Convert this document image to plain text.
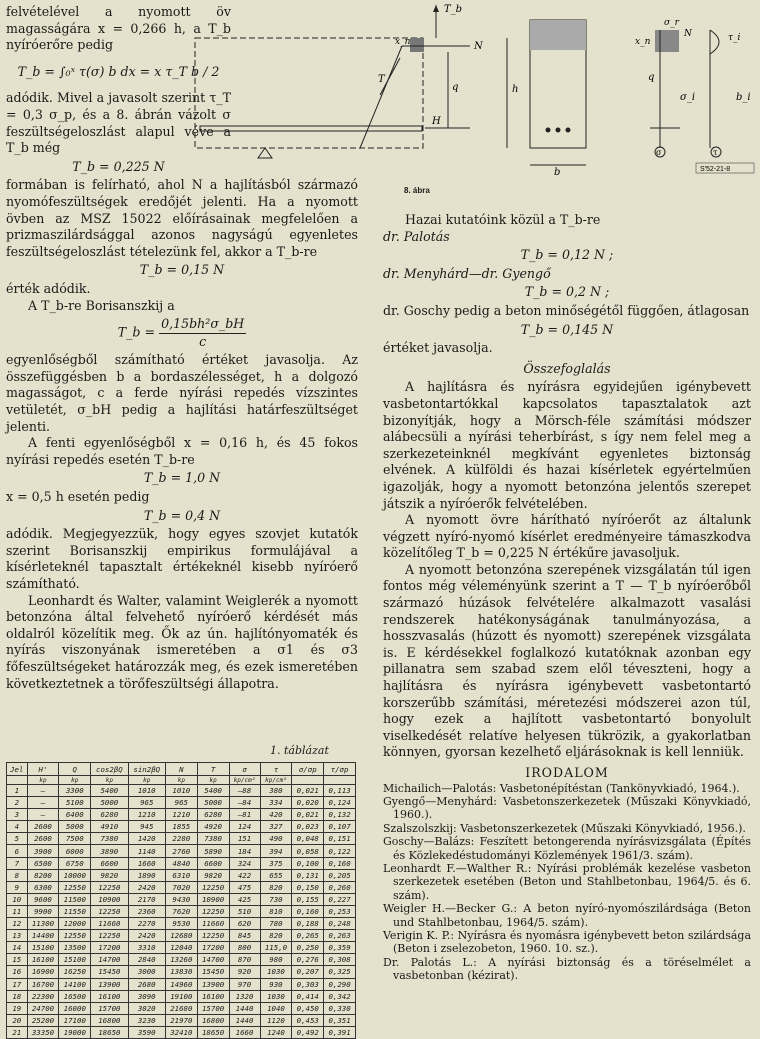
felvételével a nyomott öv magasságára x = 0,266 h, a T_b nyíróerőre pedig

T_b = ∫₀ˣ τ(σ) b dx = x τ_T b / 2

adódik. Mivel a javasolt szerint τ_T = 0,3 σ_p, és a 8. ábrán vázolt σ feszültségeloszlást alapul véve a T_b még

T_b = 0,225 N

formában is felírható, ahol N a hajlításból származó nyomófeszültségek eredőjét jelenti. Ha a nyomott övben az MSZ 15022 előírásainak megfelelően a prizmaszilárdsággal azonos nagyságú egyenletes feszültségeloszlást tételezünk fel, akkor a T_b-re

T_b = 0,15 N

érték adódik.

A T_b-re Borisanszkij a

T_b = $\frac{\text{0,15bh²σ\_bH}}{c}$

egyenlőségből számítható értéket javasolja. Az összefüggésben b a bordaszélességet, h a dolgozó magasságot, c a ferde nyírási repedés vízszintes vetületét, σ_bH pedig a hajlítási határfeszültséget jelenti.

A fenti egyenlőségből x = 0,16 h, és 45 fokos nyírási repedés esetén T_b-re

T_b = 1,0 N

x = 0,5 h esetén pedig

T_b = 0,4 N

adódik. Megjegyezzük, hogy egyes szovjet kutatók szerint Borisanszkij empirikus formulájával a kísérleteknél tapasztalt értékeknél kisebb nyíróerő számítható.

Leonhardt és Walter, valamint Weiglerék a nyomott betonzóna által felvehető nyíróerő kérdését más oldalról közelítik meg. Ők az ún. hajlítónyomaték és nyírás viszonyának ismeretében a σ1 és σ3 főfeszültségeket határozzák meg, és ezek ismeretében következtetnek a törőfeszültségi állapotra.

T_b
x_n	N
T
q	h
H
b
σ_r
x_n
N	τ_i
q
σ_i	b_i
σ	τ
S'52-21-8
8. ábra

Hazai kutatóink közül a T_b-re

dr. Palotás

T_b = 0,12 N ;

dr. Menyhárd—dr. Gyengő

T_b = 0,2 N ;

dr. Goschy pedig a beton minőségétől függően, átlagosan

T_b = 0,145 N

értéket javasolja.

Összefoglalás

A hajlításra és nyírásra egyidejűen igénybevett vasbetontartókkal kapcsolatos tapasztalatok azt bizonyítják, hogy a Mörsch-féle számítási módszer alábecsüli a nyírási teherbírást, s így nem felel meg a szerkezeteinknél megkívánt egyenletes biztonság elvének. A külföldi és hazai kísérletek egyértelműen igazolják, hogy a nyomott betonzóna jelentős szerepet játszik a nyíróerők felvételében.

A nyomott övre hárítható nyíróerőt az általunk végzett nyíró-nyomó kísérlet eredményeire támaszkodva közelítőleg T_b = 0,225 N értékűre javasoljuk.

A nyomott betonzóna szerepének vizsgálatán túl igen fontos még véleményünk szerint a T — T_b nyíróerőből származó húzások felvételére alkalmazott vasalási rendszerek hatékonyságának tanulmányozása, a hosszvasalás (húzott és nyomott) szerepének vizsgálata is. E kérdésekkel foglalkozó kutatóknak azonban egy pillanatra sem szabad szem elől téveszteni, hogy a hajlításra és nyírásra igénybevett vasbetontartó korszerűbb számítási, méretezési módszerei azon túl, hogy ezek a hajlított vasbetontartó bonyolult viselkedését relatíve helyesen tükrözik, a gyakorlatban könnyen, gyorsan kezelhető eljárásoknak is kell lenniük.

IRODALOM

Michailich—Palotás: Vasbetonépítéstan (Tankönyvkiadó, 1964.).

Gyengő—Menyhárd: Vasbetonszerkezetek (Műszaki Könyvkiadó, 1960.).

Szalszolszkij: Vasbetonszerkezetek (Műszaki Könyvkiadó, 1956.).

Goschy—Balázs: Feszített betongerenda nyírásvizsgálata (Építés és Közlekedéstudományi Közlemények 1961/3. szám).

Leonhardt F.—Walther R.: Nyírási problémák kezelése vasbeton szerkezetek esetében (Beton und Stahlbetonbau, 1964/5. és 6. szám).

Weigler H.—Becker G.: A beton nyíró-nyomószilárdsága (Beton und Stahlbetonbau, 1964/5. szám).

Verigin K. P.: Nyírásra és nyomásra igénybevett beton szilárdsága (Beton i zselezobeton, 1960. 10. sz.).

Dr. Palotás L.: A nyírási biztonság és a töréselmélet a vasbetonban (kézirat).

1. táblázat
Jel	H'	Q	cos2βQ	sin2βQ	N	T	σ	τ	σ/σp	τ/σp
	kp	kp	kp	kp	kp	kp	kp/cm²	kp/cm²		
1	—	3300	5400	1010	1010	5400	—88	380	0,021	0,113
2	—	5100	5000	965	965	5000	—84	334	0,020	0,124
3	—	6400	6280	1210	1210	6280	—81	420	0,021	0,132
4	2600	5000	4910	945	1855	4920	124	327	0,023	0,107
5	2600	7500	7380	1420	2280	7380	151	490	0,048	0,151
6	3900	6000	3890	1140	2760	5890	184	394	0,058	0,122
7	6500	6750	6600	1660	4840	6600	324	375	0,100	0,160
8	8200	10000	9820	1890	6310	9820	422	655	0,131	0,205
9	6300	12550	12250	2420	7020	12250	475	820	0,150	0,260
10	9600	11500	10900	2170	9430	10900	425	730	0,155	0,227
11	9900	11550	12250	2360	7620	12250	510	810	0,160	0,253
12	11300	12000	11660	2270	9530	11660	620	780	0,188	0,248
13	14400	12550	12250	2420	12680	12250	845	820	0,265	0,263
14	15100	13500	17200	3310	12040	17200	800	115,0	0,250	0,359
15	16100	15100	14700	2840	13260	14700	870	980	0,276	0,308
16	16900	16250	15450	3000	13830	15450	920	1030	0,207	0,325
17	16700	14100	13900	2680	14960	13900	970	930	0,303	0,290
18	22300	16500	16100	3090	19100	16100	1320	1030	0,414	0,342
19	24700	16000	15700	3020	21680	15700	1440	1040	0,450	0,330
20	25200	17100	16800	3230	21970	16800	1440	1120	0,453	0,351
21	33350	19000	18650	3590	32410	18650	1660	1240	0,492	0,391
